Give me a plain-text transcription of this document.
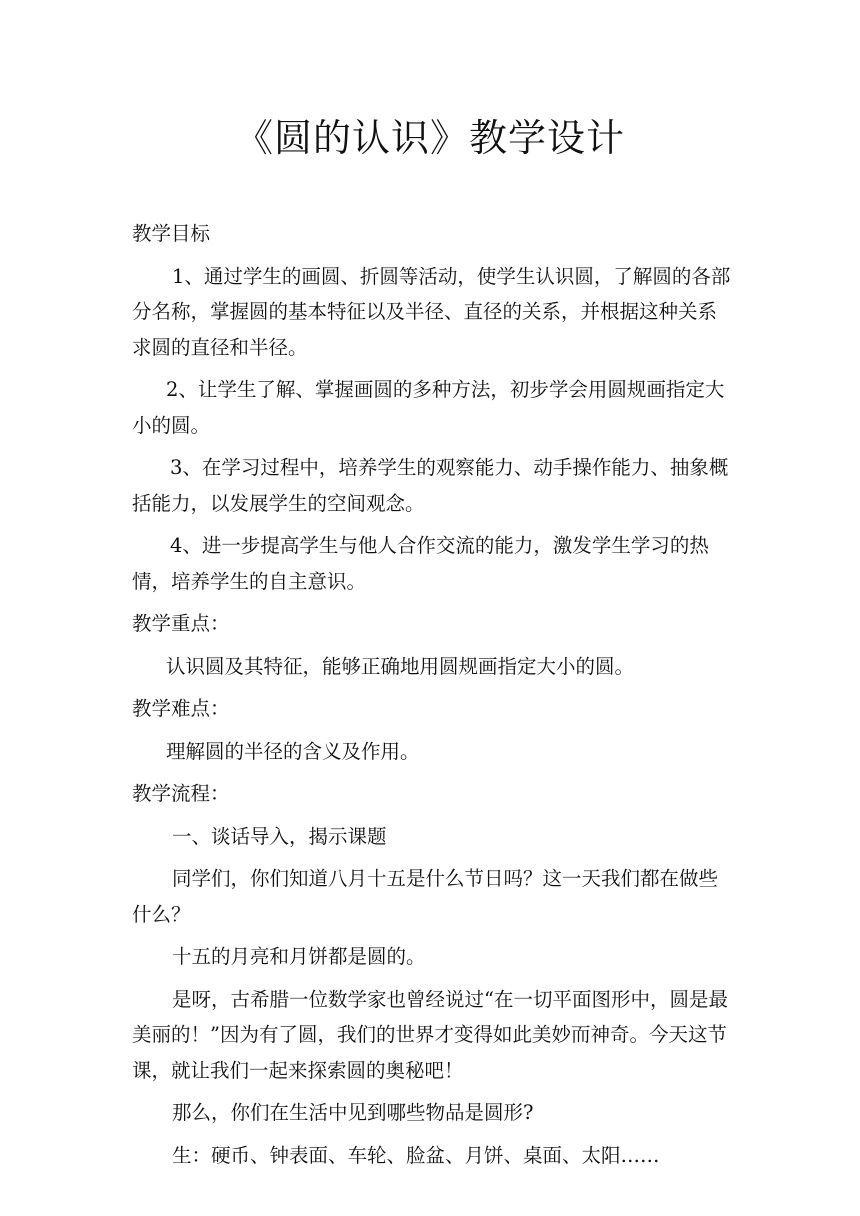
《圆的认识》教学设计

教学目标

1、通过学生的画圆、折圆等活动，使学生认识圆，了解圆的各部分名称，掌握圆的基本特征以及半径、直径的关系，并根据这种关系求圆的直径和半径。

2、让学生了解、掌握画圆的多种方法，初步学会用圆规画指定大小的圆。

3、在学习过程中，培养学生的观察能力、动手操作能力、抽象概括能力，以发展学生的空间观念。

4、进一步提高学生与他人合作交流的能力，激发学生学习的热情，培养学生的自主意识。

教学重点：

认识圆及其特征，能够正确地用圆规画指定大小的圆。

教学难点：

理解圆的半径的含义及作用。

教学流程：

一、谈话导入，揭示课题

同学们，你们知道八月十五是什么节日吗？这一天我们都在做些什么？

十五的月亮和月饼都是圆的。

是呀，古希腊一位数学家也曾经说过“在一切平面图形中，圆是最美丽的！”因为有了圆，我们的世界才变得如此美妙而神奇。今天这节课，就让我们一起来探索圆的奥秘吧！

那么，你们在生活中见到哪些物品是圆形?

生：硬币、钟表面、车轮、脸盆、月饼、桌面、太阳……
